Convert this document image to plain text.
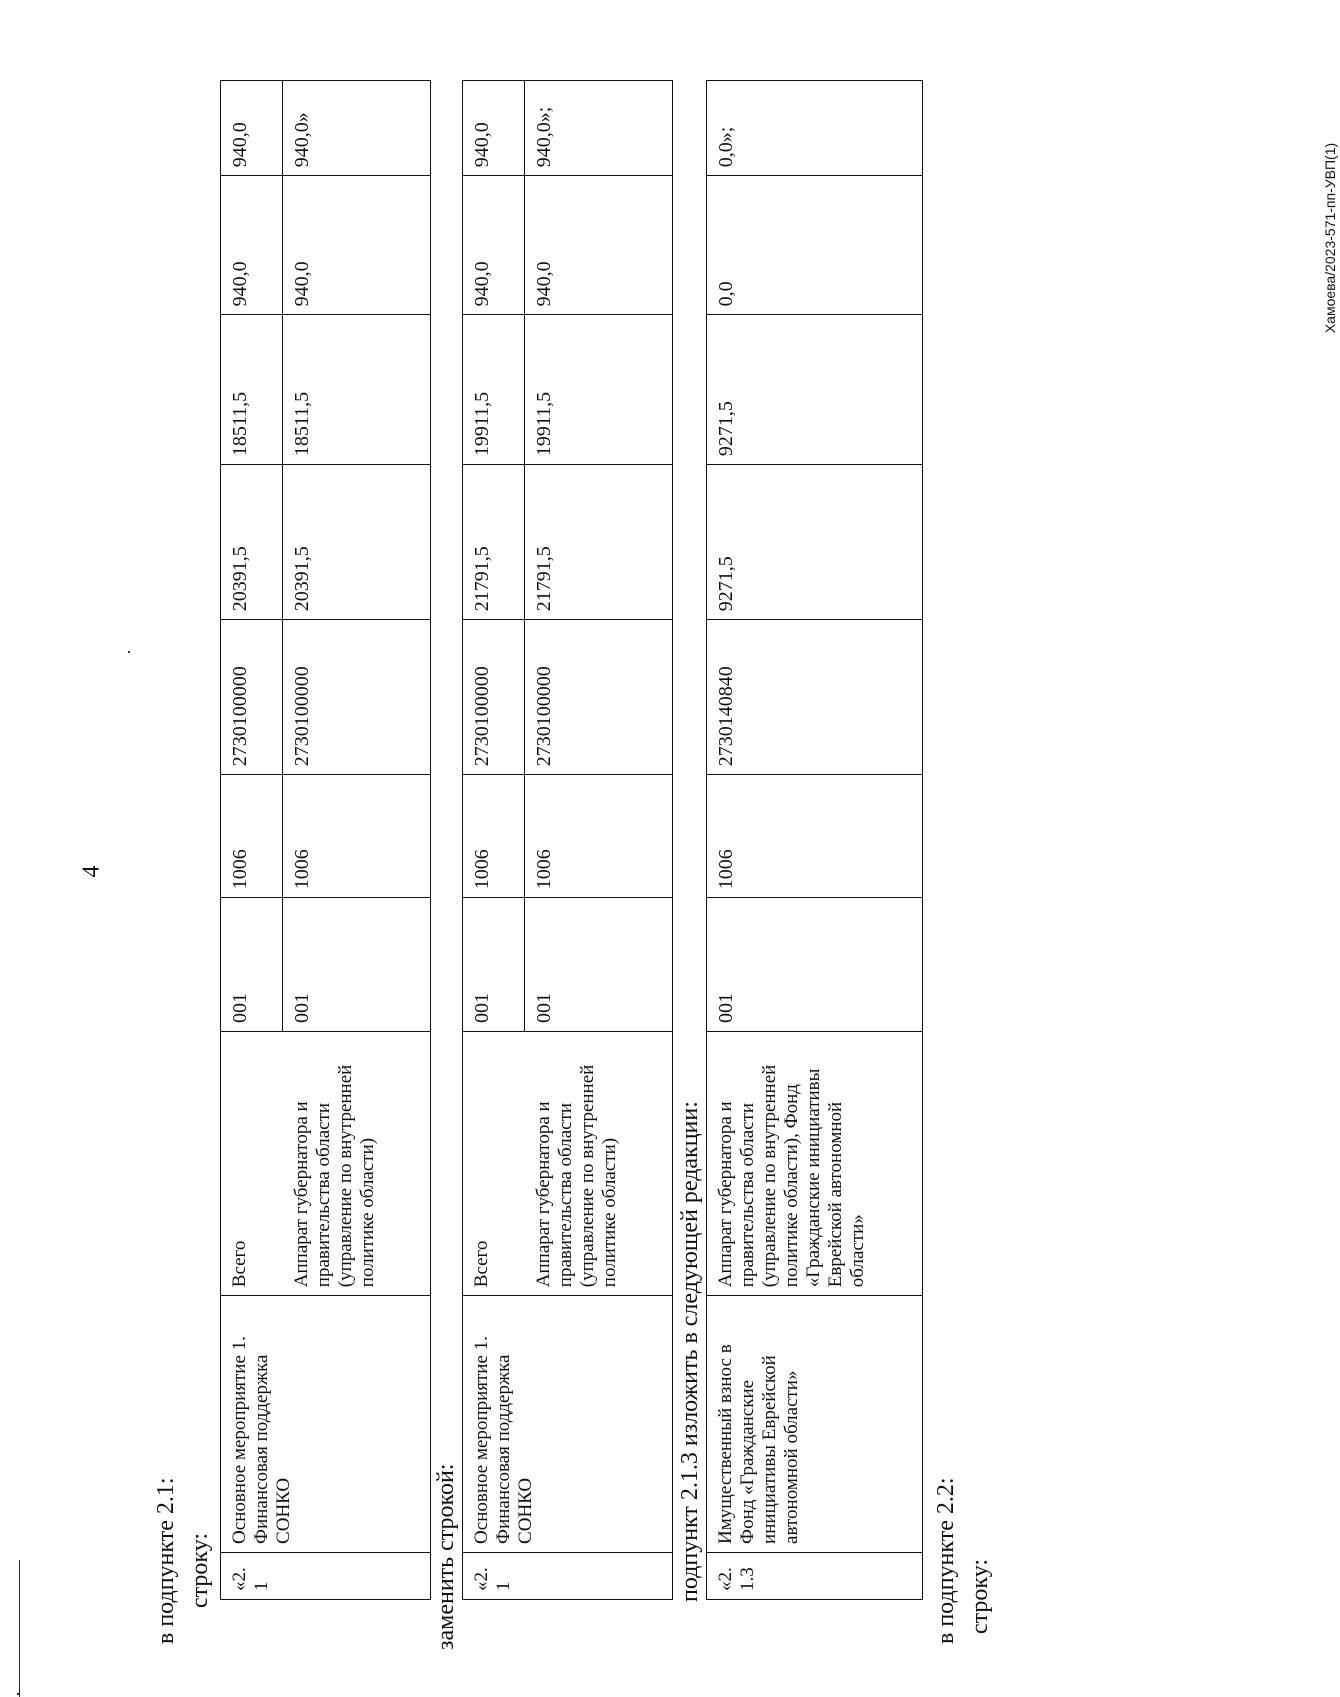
4
Хамоева/2023-571-пп-УВП(1)
в подпункте 2.1: строку: «2.1	Основное мероприятие 1. Финансовая поддержка СОНКО	Всего	001	1006	2730100000	20391,5	18511,5	940,0	940,0
		Аппарат губернатора и правительства области (управление по внутренней политике области)	001	1006	2730100000	20391,5	18511,5	940,0	940,0»
заменить строкой: «2.1	Основное мероприятие 1. Финансовая поддержка СОНКО	Всего	001	1006	2730100000	21791,5	19911,5	940,0	940,0
		Аппарат губернатора и правительства области (управление по внутренней политике области)	001	1006	2730100000	21791,5	19911,5	940,0	940,0»;
подпункт 2.1.3 изложить в следующей редакции: «2.1.3	Имущественный взнос в Фонд «Гражданские инициативы Еврейской автономной области»	Аппарат губернатора и правительства области (управление по внутренней политике области), Фонд «Гражданские инициативы Еврейской автономной области»	001	1006	2730140840	9271,5	9271,5	0,0	0,0»;
в подпункте 2.2: строку:
